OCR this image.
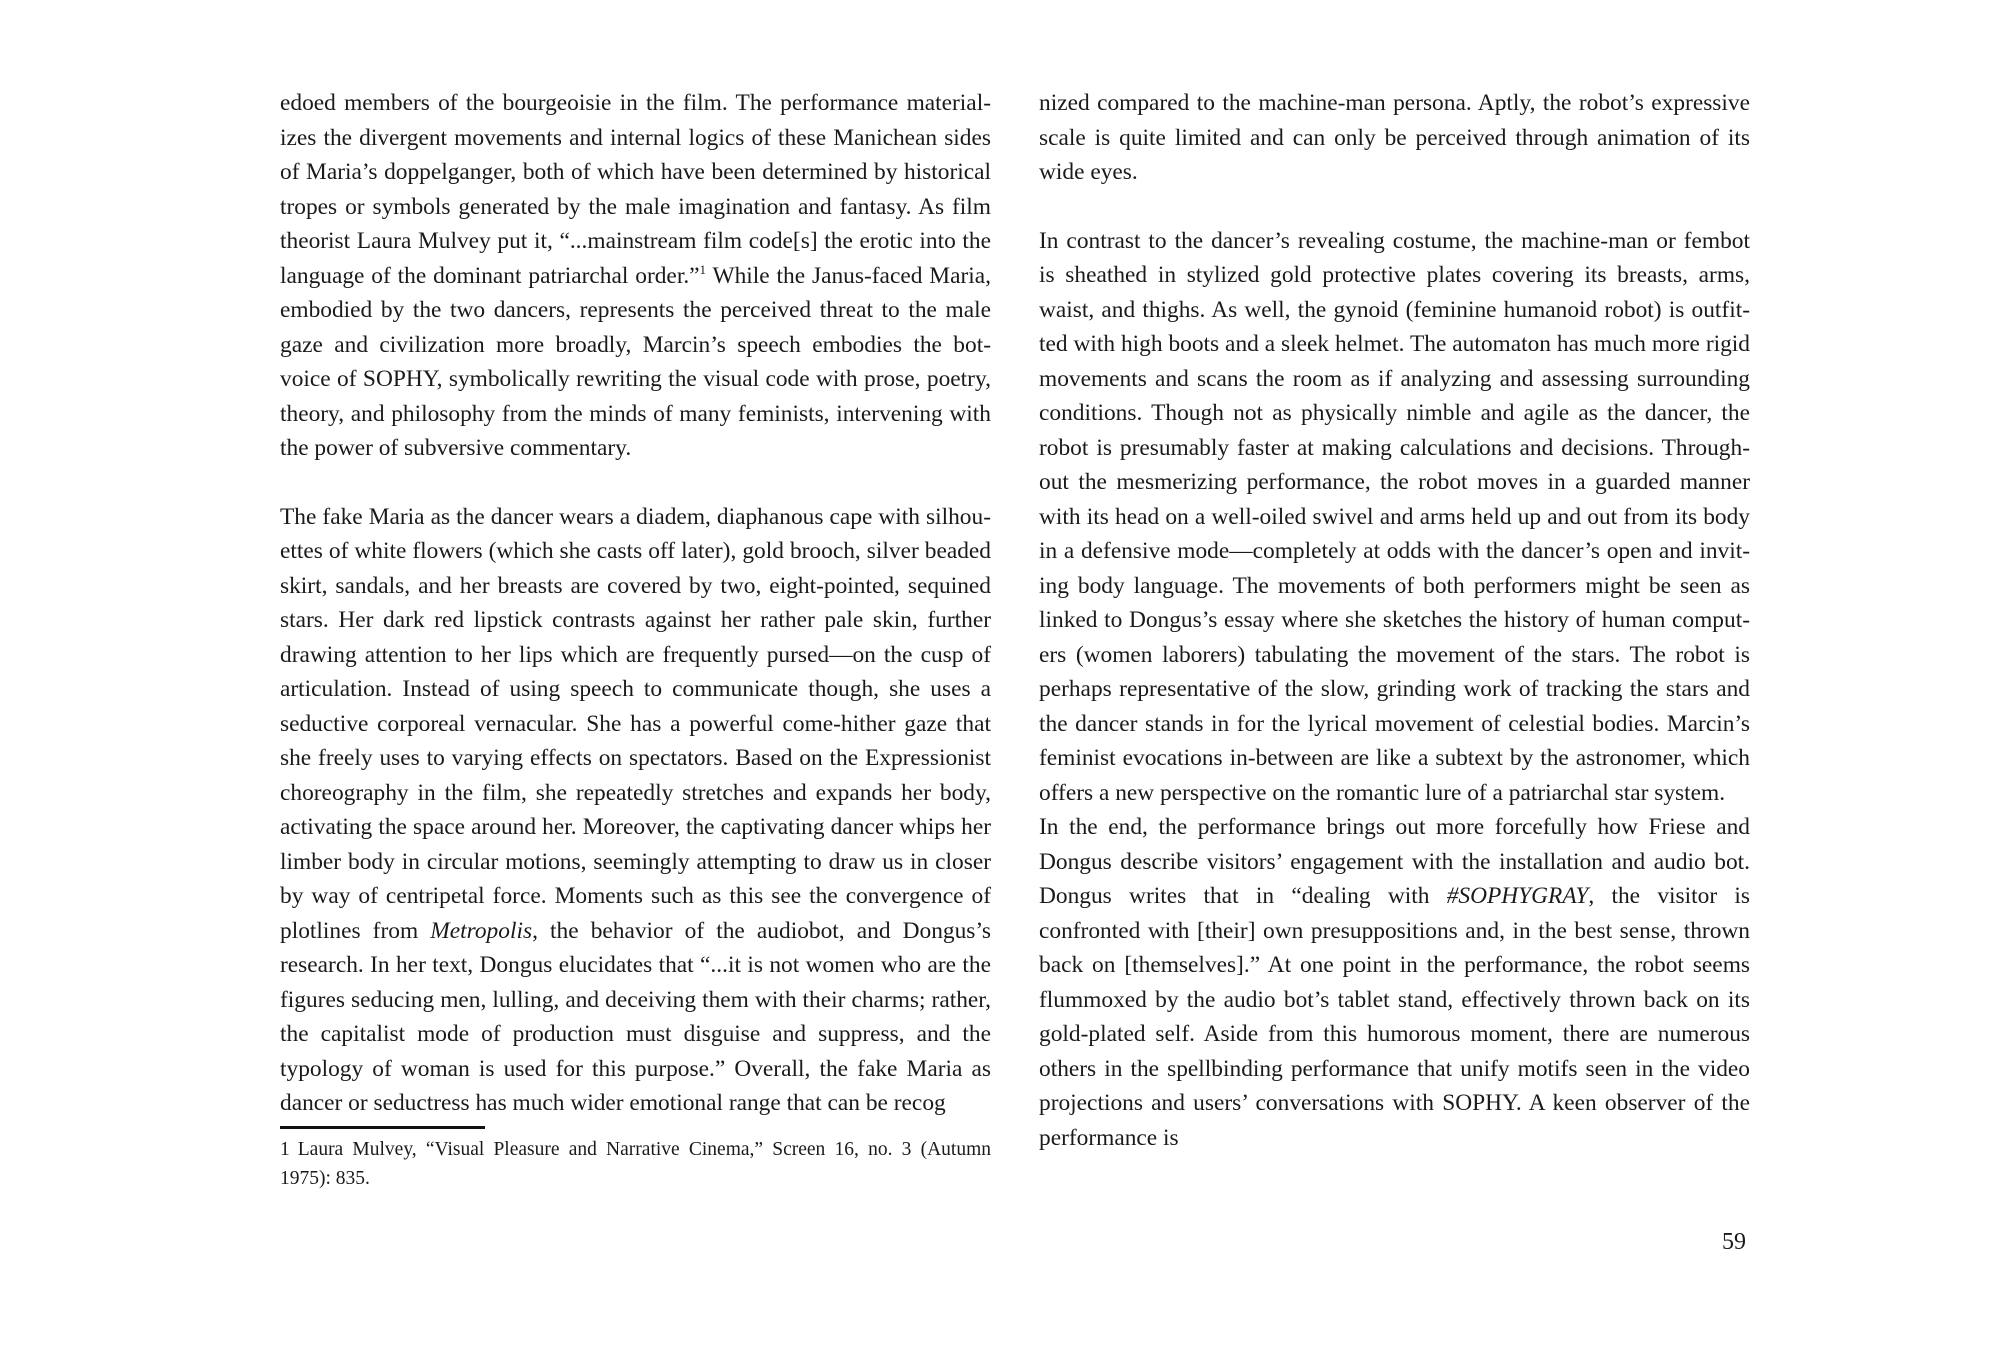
edoed members of the bourgeoisie in the film. The performance materializes the divergent movements and internal logics of these Manichean sides of Maria’s doppelganger, both of which have been determined by historical tropes or symbols generated by the male imagination and fantasy. As film theorist Laura Mulvey put it, “...mainstream film code[s] the erotic into the language of the dominant patriarchal order.”$^1$ While the Janus-faced Maria, embodied by the two dancers, represents the perceived threat to the male gaze and civilization more broadly, Marcin’s speech embodies the bot-voice of SOPHY, symbolically rewriting the visual code with prose, poetry, theory, and philosophy from the minds of many feminists, intervening with the power of subversive commentary.

The fake Maria as the dancer wears a diadem, diaphanous cape with silhouettes of white flowers (which she casts off later), gold brooch, silver beaded skirt, sandals, and her breasts are covered by two, eight-pointed, sequined stars. Her dark red lipstick contrasts against her rather pale skin, further drawing attention to her lips which are frequently pursed—on the cusp of articulation. Instead of using speech to communicate though, she uses a seductive corporeal vernacular. She has a powerful come-hither gaze that she freely uses to varying effects on spectators. Based on the Expressionist choreography in the film, she repeatedly stretches and expands her body, activating the space around her. Moreover, the captivating dancer whips her limber body in circular motions, seemingly attempting to draw us in closer by way of centripetal force. Moments such as this see the convergence of plotlines from Metropolis, the behavior of the audiobot, and Dongus’s research. In her text, Dongus elucidates that “...it is not women who are the figures seducing men, lulling, and deceiving them with their charms; rather, the capitalist mode of production must disguise and suppress, and the typology of woman is used for this purpose.” Overall, the fake Maria as dancer or seductress has much wider emotional range that can be recog

nized compared to the machine-man persona. Aptly, the robot’s expressive scale is quite limited and can only be perceived through animation of its wide eyes.

In contrast to the dancer’s revealing costume, the machine-man or fembot is sheathed in stylized gold protective plates covering its breasts, arms, waist, and thighs. As well, the gynoid (feminine humanoid robot) is outfitted with high boots and a sleek helmet. The automaton has much more rigid movements and scans the room as if analyzing and assessing surrounding conditions. Though not as physically nimble and agile as the dancer, the robot is presumably faster at making calculations and decisions. Throughout the mesmerizing performance, the robot moves in a guarded manner with its head on a well-oiled swivel and arms held up and out from its body in a defensive mode—completely at odds with the dancer’s open and inviting body language. The movements of both performers might be seen as linked to Dongus’s essay where she sketches the history of human computers (women laborers) tabulating the movement of the stars. The robot is perhaps representative of the slow, grinding work of tracking the stars and the dancer stands in for the lyrical movement of celestial bodies. Marcin’s feminist evocations in-between are like a subtext by the astronomer, which offers a new perspective on the romantic lure of a patriarchal star system.

In the end, the performance brings out more forcefully how Friese and Dongus describe visitors’ engagement with the installation and audio bot. Dongus writes that in “dealing with #SOPHYGRAY, the visitor is confronted with [their] own presuppositions and, in the best sense, thrown back on [themselves].” At one point in the performance, the robot seems flummoxed by the audio bot’s tablet stand, effectively thrown back on its gold-plated self. Aside from this humorous moment, there are numerous others in the spellbinding performance that unify motifs seen in the video projections and users’ conversations with SOPHY. A keen observer of the performance is

1 Laura Mulvey, “Visual Pleasure and Narrative Cinema,” Screen 16, no. 3 (Autumn 1975): 835.
59
